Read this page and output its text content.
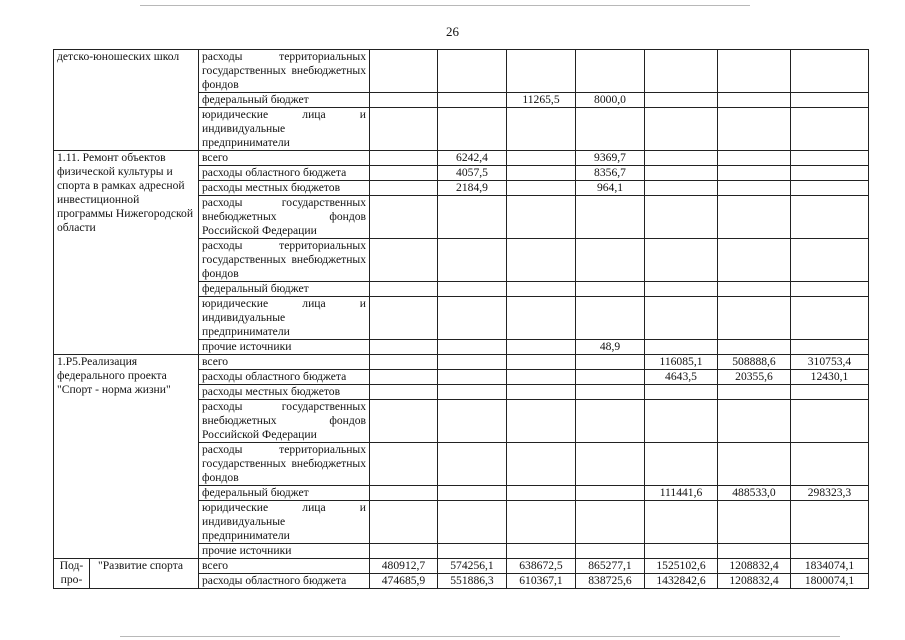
26
детско-юношеских школ		расходы территориальных государственных внебюджетных фондов							
		федеральный бюджет			11265,5	8000,0			
		юридические лица и индивидуальные предприниматели							
1.11. Ремонт объектов физической культуры и спорта в рамках адресной инвестиционной программы Нижегородской области		всего		6242,4		9369,7			
		расходы областного бюджета		4057,5		8356,7			
		расходы местных бюджетов		2184,9		964,1			
		расходы государственных внебюджетных фондов Российской Федерации							
		расходы территориальных государственных внебюджетных фондов							
		федеральный бюджет							
		юридические лица и индивидуальные предприниматели							
		прочие источники				48,9			
1.Р5.Реализация федерального проекта "Спорт - норма жизни"		всего					116085,1	508888,6	310753,4
		расходы областного бюджета					4643,5	20355,6	12430,1
		расходы местных бюджетов							
		расходы государственных внебюджетных фондов Российской Федерации							
		расходы территориальных государственных внебюджетных фондов							
		федеральный бюджет					111441,6	488533,0	298323,3
		юридические лица и индивидуальные предприниматели							
		прочие источники							
Под-про-	"Развитие спорта	всего	480912,7	574256,1	638672,5	865277,1	1525102,6	1208832,4	1834074,1
		расходы областного бюджета	474685,9	551886,3	610367,1	838725,6	1432842,6	1208832,4	1800074,1
